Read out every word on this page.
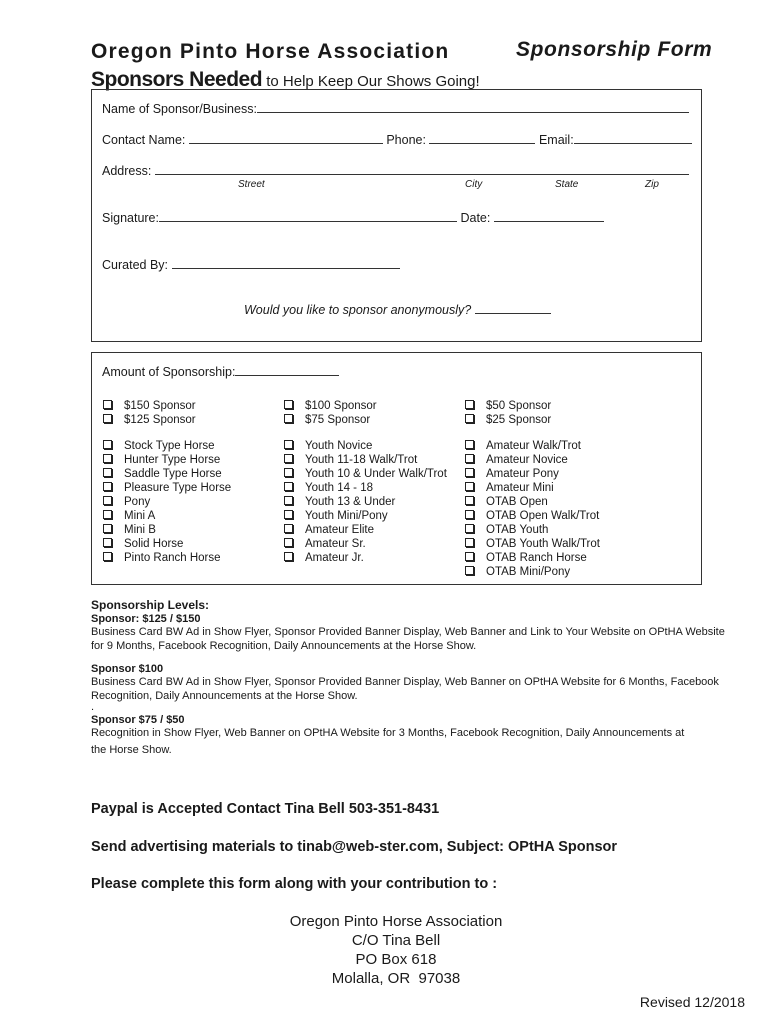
Oregon Pinto Horse Association	Sponsorship Form
Sponsors Needed to Help Keep Our Shows Going!
Name of Sponsor/Business:
Contact Name:	Phone:	Email:
Address:
Street	City	State	Zip
Signature:	Date:
Curated By:
Would you like to sponsor anonymously?
Amount of Sponsorship:
$150 Sponsor
$125 Sponsor
$100 Sponsor
$75 Sponsor
$50 Sponsor
$25 Sponsor
Stock Type Horse
Hunter Type Horse
Saddle Type Horse
Pleasure Type Horse
Pony
Mini A
Mini B
Solid Horse
Pinto Ranch Horse
Youth Novice
Youth 11-18 Walk/Trot
Youth 10 & Under Walk/Trot
Youth 14 - 18
Youth 13 & Under
Youth Mini/Pony
Amateur Elite
Amateur Sr.
Amateur Jr.
Amateur Walk/Trot
Amateur Novice
Amateur Pony
Amateur Mini
OTAB Open
OTAB Open Walk/Trot
OTAB Youth
OTAB Youth Walk/Trot
OTAB Ranch Horse
OTAB Mini/Pony
Sponsorship Levels:
Sponsor: $125 / $150
Business Card BW Ad in Show Flyer, Sponsor Provided Banner Display, Web Banner and Link to Your Website on OPtHA Website for 9 Months, Facebook Recognition, Daily Announcements at the Horse Show.
Sponsor $100
Business Card BW Ad in Show Flyer, Sponsor Provided Banner Display, Web Banner on OPtHA Website for 6 Months, Facebook Recognition, Daily Announcements at the Horse Show.
.
Sponsor $75 / $50
Recognition in Show Flyer, Web Banner on OPtHA Website for 3 Months, Facebook Recognition, Daily Announcements at
the Horse Show.
Paypal is Accepted Contact Tina Bell 503-351-8431
Send advertising materials to tinab@web-ster.com, Subject: OPtHA Sponsor
Please complete this form along with your contribution to :
Oregon Pinto Horse Association
C/O Tina Bell
PO Box 618
Molalla, OR  97038
Revised 12/2018
